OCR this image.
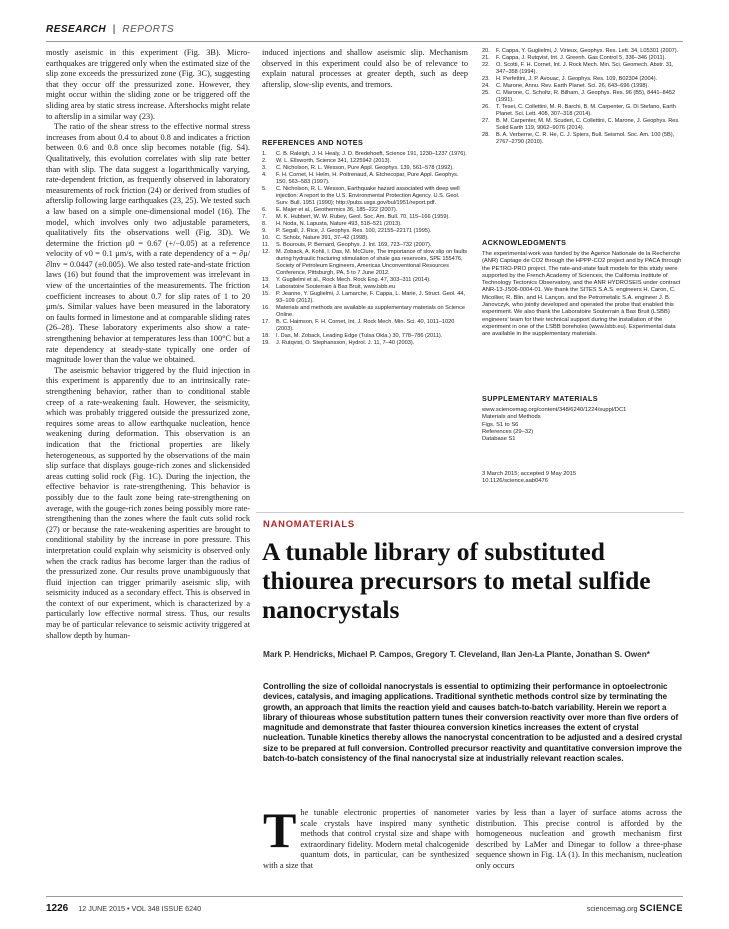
RESEARCH | REPORTS

mostly aseismic in this experiment (Fig. 3B). Micro-earthquakes are triggered only when the estimated size of the slip zone exceeds the pressurized zone (Fig. 3C), suggesting that they occur off the pressurized zone. However, they might occur within the sliding zone or be triggered off the sliding area by static stress increase. Aftershocks might relate to afterslip in a similar way (23).

The ratio of the shear stress to the effective normal stress increases from about 0.4 to about 0.8 and indicates a friction between 0.6 and 0.8 once slip becomes notable (fig. S4). Qualitatively, this evolution correlates with slip rate better than with slip. The data suggest a logarithmically varying, rate-dependent friction, as frequently observed in laboratory measurements of rock friction (24) or derived from studies of afterslip following large earthquakes (23, 25). We tested such a law based on a simple one-dimensional model (16). The model, which involves only two adjustable parameters, qualitatively fits the observations well (Fig. 3D). We determine the friction μ0 = 0.67 (+/−0.05) at a reference velocity of v0 = 0.1 μm/s, with a rate dependency of a = ∂μ/∂lnv = 0.0447 (±0.005). We also tested rate-and-state friction laws (16) but found that the improvement was irrelevant in view of the uncertainties of the measurements. The friction coefficient increases to about 0.7 for slip rates of 1 to 20 μm/s. Similar values have been measured in the laboratory on faults formed in limestone and at comparable sliding rates (26–28). These laboratory experiments also show a rate-strengthening behavior at temperatures less than 100°C but a rate dependency at steady-state typically one order of magnitude lower than the value we obtained.

The aseismic behavior triggered by the fluid injection in this experiment is apparently due to an intrinsically rate-strengthening behavior, rather than to conditional stable creep of a rate-weakening fault. However, the seismicity, which was probably triggered outside the pressurized zone, requires some areas to allow earthquake nucleation, hence weakening during deformation. This observation is an indication that the frictional properties are likely heterogeneous, as supported by the observations of the main slip surface that displays gouge-rich zones and slickensided areas cutting solid rock (Fig. 1C). During the injection, the effective behavior is rate-strengthening. This behavior is possibly due to the fault zone being rate-strengthening on average, with the gouge-rich zones being possibly more rate-strengthening than the zones where the fault cuts solid rock (27) or because the rate-weakening asperities are brought to conditional stability by the increase in pore pressure. This interpretation could explain why seismicity is observed only when the crack radius has become larger than the radius of the pressurized zone. Our results prove unambiguously that fluid injection can trigger primarily aseismic slip, with seismicity induced as a secondary effect. This is observed in the context of our experiment, which is characterized by a particularly low effective normal stress. Thus, our results may be of particular relevance to seismic activity triggered at shallow depth by human-

induced injections and shallow aseismic slip. Mechanism observed in this experiment could also be of relevance to explain natural processes at greater depth, such as deep afterslip, slow-slip events, and tremors.

REFERENCES AND NOTES
1. C. B. Raleigh, J. H. Healy, J. D. Bredehoeft, Science 191, 1230–1237 (1976).
2. W. L. Ellsworth, Science 341, 1225942 (2013).
3. C. Nicholson, R. L. Wesson, Pure Appl. Geophys. 139, 561–578 (1992).
4. F. H. Cornet, H. Helm, H. Poitrenaud, A. Etchecopar, Pure Appl. Geophys. 150, 563–583 (1997).
5. C. Nicholson, R. L. Wesson, Earthquake hazard associated with deep well injection: A report to the U.S. Environmental Protection Agency. U.S. Geol. Surv. Bull. 1951 (1990); http://pubs.usgs.gov/bul/1951/report.pdf.
6. E. Majer et al., Geothermics 36, 185–222 (2007).
7. M. K. Hubbert, W. W. Rubey, Geol. Soc. Am. Bull. 70, 115–166 (1959).
8. H. Noda, N. Lapusta, Nature 493, 518–521 (2013).
9. P. Segall, J. Rice, J. Geophys. Res. 100, 22155–22171 (1995).
10. C. Scholz, Nature 391, 37–42 (1998).
11. S. Bourouis, P. Bernard, Geophys. J. Int. 169, 723–732 (2007).
12. M. Zoback, A. Kohli, I. Das, M. McClure, The importance of slow slip on faults during hydraulic fracturing stimulation of shale gas reservoirs, SPE 155476, Society of Petroleum Engineers, Americas Unconventional Resources Conference, Pittsburgh, PA, 5 to 7 June 2012.
13. Y. Guglielmi et al., Rock Mech. Rock Eng. 47, 303–311 (2014).
14. Laboratoire Souterrain à Bas Bruit, www.lsbb.eu
15. P. Jeanne, Y. Guglielmi, J. Lamarche, F. Cappa, L. Marie, J. Struct. Geol. 44, 93–109 (2012).
16. Materials and methods are available as supplementary materials on Science Online.
17. B. C. Haimson, F. H. Cornet, Int. J. Rock Mech. Min. Sci. 40, 1011–1020 (2003).
18. I. Das, M. Zoback, Leading Edge (Tulsa Okla.) 30, 778–786 (2011).
19. J. Rutqvist, O. Stephansson, Hydrol. J. 11, 7–40 (2003).
20. F. Cappa, Y. Guglielmi, J. Virieux, Geophys. Res. Lett. 34, L05301 (2007).
21. F. Cappa, J. Rutqvist, Int. J. Greenh. Gas Control 5, 336–346 (2011).
22. O. Scotti, F. H. Cornet, Int. J. Rock Mech. Min. Sci. Geomech. Abstr. 31, 347–358 (1994).
23. H. Perfettini, J. P. Avouac, J. Geophys. Res. 109, B02304 (2004).
24. C. Marone, Annu. Rev. Earth Planet. Sci. 26, 643–696 (1998).
25. C. Marone, C. Scholtz, R. Bilham, J. Geophys. Res. 96 (B5), 8441–8452 (1991).
26. T. Tesei, C. Collettini, M. R. Barchi, B. M. Carpenter, G. Di Stefano, Earth Planet. Sci. Lett. 408, 307–318 (2014).
27. B. M. Carpenter, M. M. Scuderi, C. Collettini, C. Marone, J. Geophys. Res. Solid Earth 119, 9062–9076 (2014).
28. B. A. Verberne, C. R. He, C. J. Spiers, Bull. Seismol. Soc. Am. 100 (5B), 2767–2790 (2010).
ACKNOWLEDGMENTS

The experimental work was funded by the Agence Nationale de la Recherche (ANR) Captage de CO2 through the HPPP-CO2 project and by PACA through the PETRO-PRO project. The rate-and-state fault models for this study were supported by the French Academy of Sciences, the California Institute of Technology Tectonics Observatory, and the ANR HYDROSEIS under contract ANR-13-JS06-0004-01. We thank the SITES S.A.S. engineers H. Caron, C. Micollier, R. Blin, and H. Lançon, and the Petrometalic S.A. engineer J. B. Janovczyk, who jointly developed and operated the probe that enabled this experiment. We also thank the Laboratoire Souterrain à Bas Bruit (LSBB) engineers' team for their technical support during the installation of the experiment in one of the LSBB boreholes (www.lsbb.eu). Experimental data are available in the supplementary materials.

SUPPLEMENTARY MATERIALS

www.sciencemag.org/content/348/6240/1224/suppl/DC1

Materials and Methods

Figs. S1 to S6

References (29–32)

Database S1

3 March 2015; accepted 9 May 2015

10.1126/science.aab0476

NANOMATERIALS
A tunable library of substituted thiourea precursors to metal sulfide nanocrystals
Mark P. Hendricks, Michael P. Campos, Gregory T. Cleveland, Ilan Jen-La Plante, Jonathan S. Owen*
Controlling the size of colloidal nanocrystals is essential to optimizing their performance in optoelectronic devices, catalysis, and imaging applications. Traditional synthetic methods control size by terminating the growth, an approach that limits the reaction yield and causes batch-to-batch variability. Herein we report a library of thioureas whose substitution pattern tunes their conversion reactivity over more than five orders of magnitude and demonstrate that faster thiourea conversion kinetics increases the extent of crystal nucleation. Tunable kinetics thereby allows the nanocrystal concentration to be adjusted and a desired crystal size to be prepared at full conversion. Controlled precursor reactivity and quantitative conversion improve the batch-to-batch consistency of the final nanocrystal size at industrially relevant reaction scales.
The tunable electronic properties of nanometer scale crystals have inspired many synthetic methods that control crystal size and shape with extraordinary fidelity. Modern metal chalcogenide quantum dots, in particular, can be synthesized with a size that
varies by less than a layer of surface atoms across the distribution. This precise control is afforded by the homogeneous nucleation and growth mechanism first described by LaMer and Dinegar to follow a three-phase sequence shown in Fig. 1A (1). In this mechanism, nucleation only occurs
1226 12 JUNE 2015 • VOL 348 ISSUE 6240	sciencemag.org SCIENCE
